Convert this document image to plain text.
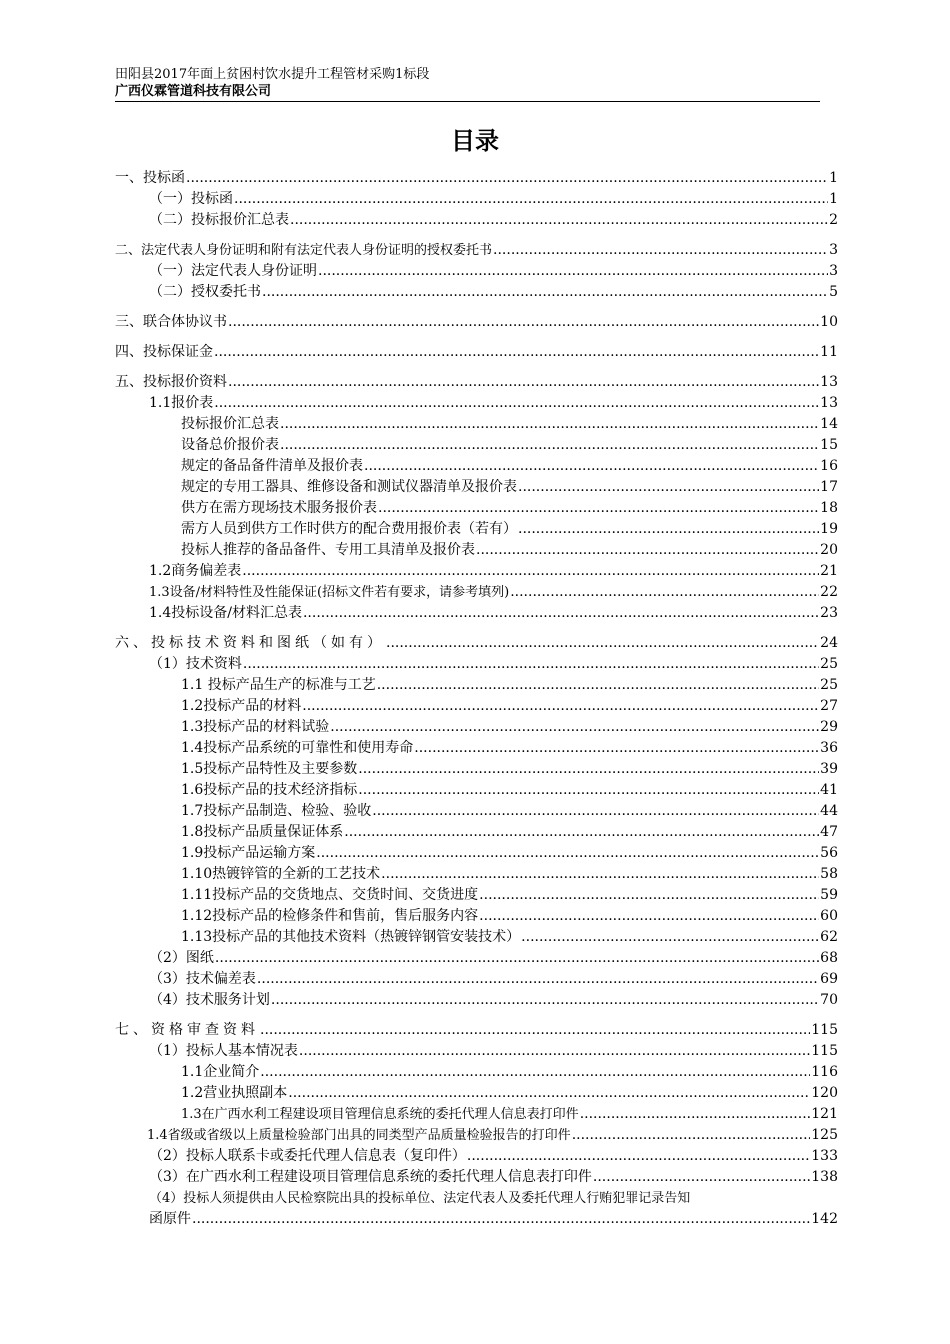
田阳县2017年面上贫困村饮水提升工程管材采购1标段
广西仪霖管道科技有限公司
目录
一、投标函 .....	1
（一）投标函 .....	1
（二）投标报价汇总表 .....	2
二、法定代表人身份证明和附有法定代表人身份证明的授权委托书 .....	3
（一）法定代表人身份证明 .....	3
（二）授权委托书 .....	5
三、联合体协议书 .....	10
四、投标保证金 .....	11
五、投标报价资料 .....	13
1.1报价表 .....	13
投标报价汇总表 .....	14
设备总价报价表 .....	15
规定的备品备件清单及报价表 .....	16
规定的专用工器具、维修设备和测试仪器清单及报价表 .....	17
供方在需方现场技术服务报价表 .....	18
需方人员到供方工作时供方的配合费用报价表（若有） .....	19
投标人推荐的备品备件、专用工具清单及报价表 .....	20
1.2商务偏差表 .....	21
1.3设备/材料特性及性能保证(招标文件若有要求，请参考填列) .....	22
1.4投标设备/材料汇总表 .....	23
六、投标技术资料和图纸（如有） .....	24
（1）技术资料 .....	25
1.1 投标产品生产的标准与工艺 .....	25
1.2投标产品的材料 .....	27
1.3投标产品的材料试验 .....	29
1.4投标产品系统的可靠性和使用寿命 .....	36
1.5投标产品特性及主要参数 .....	39
1.6投标产品的技术经济指标 .....	41
1.7投标产品制造、检验、验收 .....	44
1.8投标产品质量保证体系 .....	47
1.9投标产品运输方案 .....	56
1.10热镀锌管的全新的工艺技术 .....	58
1.11投标产品的交货地点、交货时间、交货进度 .....	59
1.12投标产品的检修条件和售前，售后服务内容 .....	60
1.13投标产品的其他技术资料（热镀锌钢管安装技术） .....	62
（2）图纸 .....	68
（3）技术偏差表 .....	69
（4）技术服务计划 .....	70
七、资格审查资料 .....	115
（1）投标人基本情况表 .....	115
1.1企业简介 .....	116
1.2营业执照副本 .....	120
1.3在广西水利工程建设项目管理信息系统的委托代理人信息表打印件 .....	121
1.4省级或省级以上质量检验部门出具的同类型产品质量检验报告的打印件 .....	125
（2）投标人联系卡或委托代理人信息表（复印件） .....	133
（3）在广西水利工程建设项目管理信息系统的委托代理人信息表打印件 .....	138
（4）投标人须提供由人民检察院出具的投标单位、法定代表人及委托代理人行贿犯罪记录告知
函原件 .....	142
